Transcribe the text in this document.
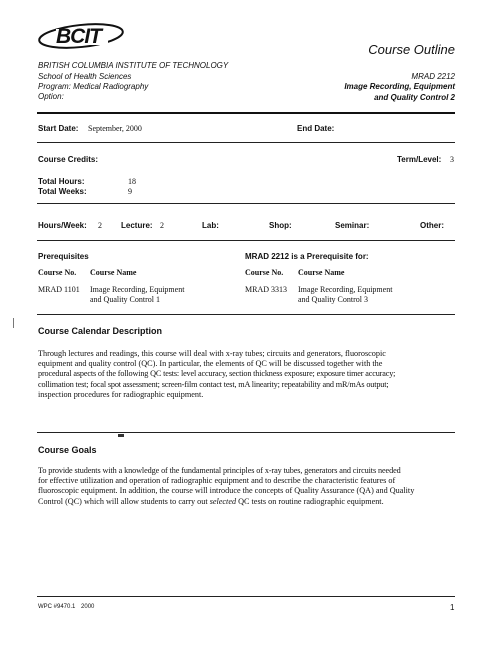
BCIT
Course Outline
BRITISH COLUMBIA INSTITUTE OF TECHNOLOGY
School of Health Sciences
Program: Medical Radiography
Option:
MRAD 2212
Image Recording, Equipment
and Quality Control 2
Start Date: September, 2000	End Date:
Course Credits:	Term/Level: 3
Total Hours:	18
Total Weeks:	9
Hours/Week: 2 Lecture: 2	Lab:	Shop:	Seminar:	Other:
Prerequisites
Course No. Course Name
MRAD 1101 Image Recording, Equipment
and Quality Control 1
MRAD 2212 is a Prerequisite for:
Course No. Course Name
MRAD 3313 Image Recording, Equipment
and Quality Control 3
Course Calendar Description
Through lectures and readings, this course will deal with x-ray tubes; circuits and generators, fluoroscopic
equipment and quality control (QC). In particular, the elements of QC will be discussed together with the
procedural aspects of the following QC tests: level accuracy, section thickness exposure; exposure timer accuracy;
collimation test; focal spot assessment; screen-film contact test, mA linearity; repeatability and mR/mAs output;
inspection procedures for radiographic equipment.
Course Goals
To provide students with a knowledge of the fundamental principles of x-ray tubes, generators and circuits needed
for effective utilization and operation of radiographic equipment and to describe the characteristic features of
fluoroscopic equipment. In addition, the course will introduce the concepts of Quality Assurance (QA) and Quality
Control (QC) which will allow students to carry out selected QC tests on routine radiographic equipment.
WPC #9470.1 2000	1
